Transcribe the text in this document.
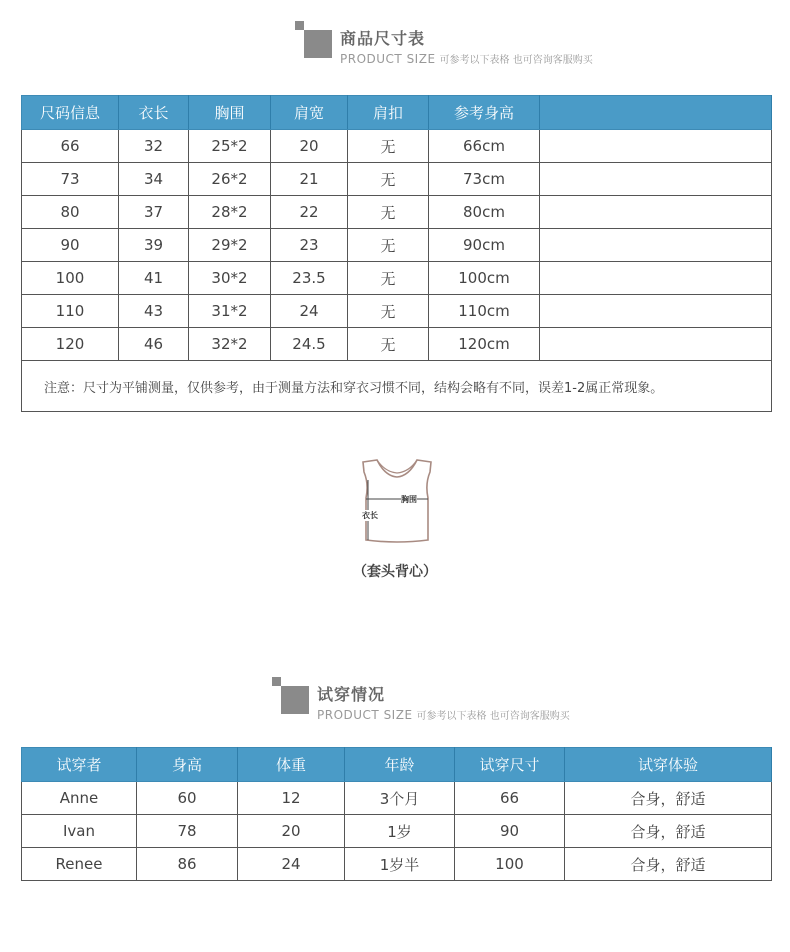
商品尺寸表
PRODUCT SIZE 可参考以下表格 也可咨询客服购买
尺码信息	衣长	胸围	肩宽	肩扣	参考身高	
66	32	25*2	20	无	66cm	
73	34	26*2	21	无	73cm	
80	37	28*2	22	无	80cm	
90	39	29*2	23	无	90cm	
100	41	30*2	23.5	无	100cm	
110	43	31*2	24	无	110cm	
120	46	32*2	24.5	无	120cm	
注意：尺寸为平铺测量，仅供参考，由于测量方法和穿衣习惯不同，结构会略有不同，误差1-2属正常现象。						
胸围
衣长
（套头背心）
试穿情况
PRODUCT SIZE 可参考以下表格 也可咨询客服购买
试穿者	身高	体重	年龄	试穿尺寸	试穿体验
Anne	60	12	3个月	66	合身，舒适
Ivan	78	20	1岁	90	合身，舒适
Renee	86	24	1岁半	100	合身，舒适
